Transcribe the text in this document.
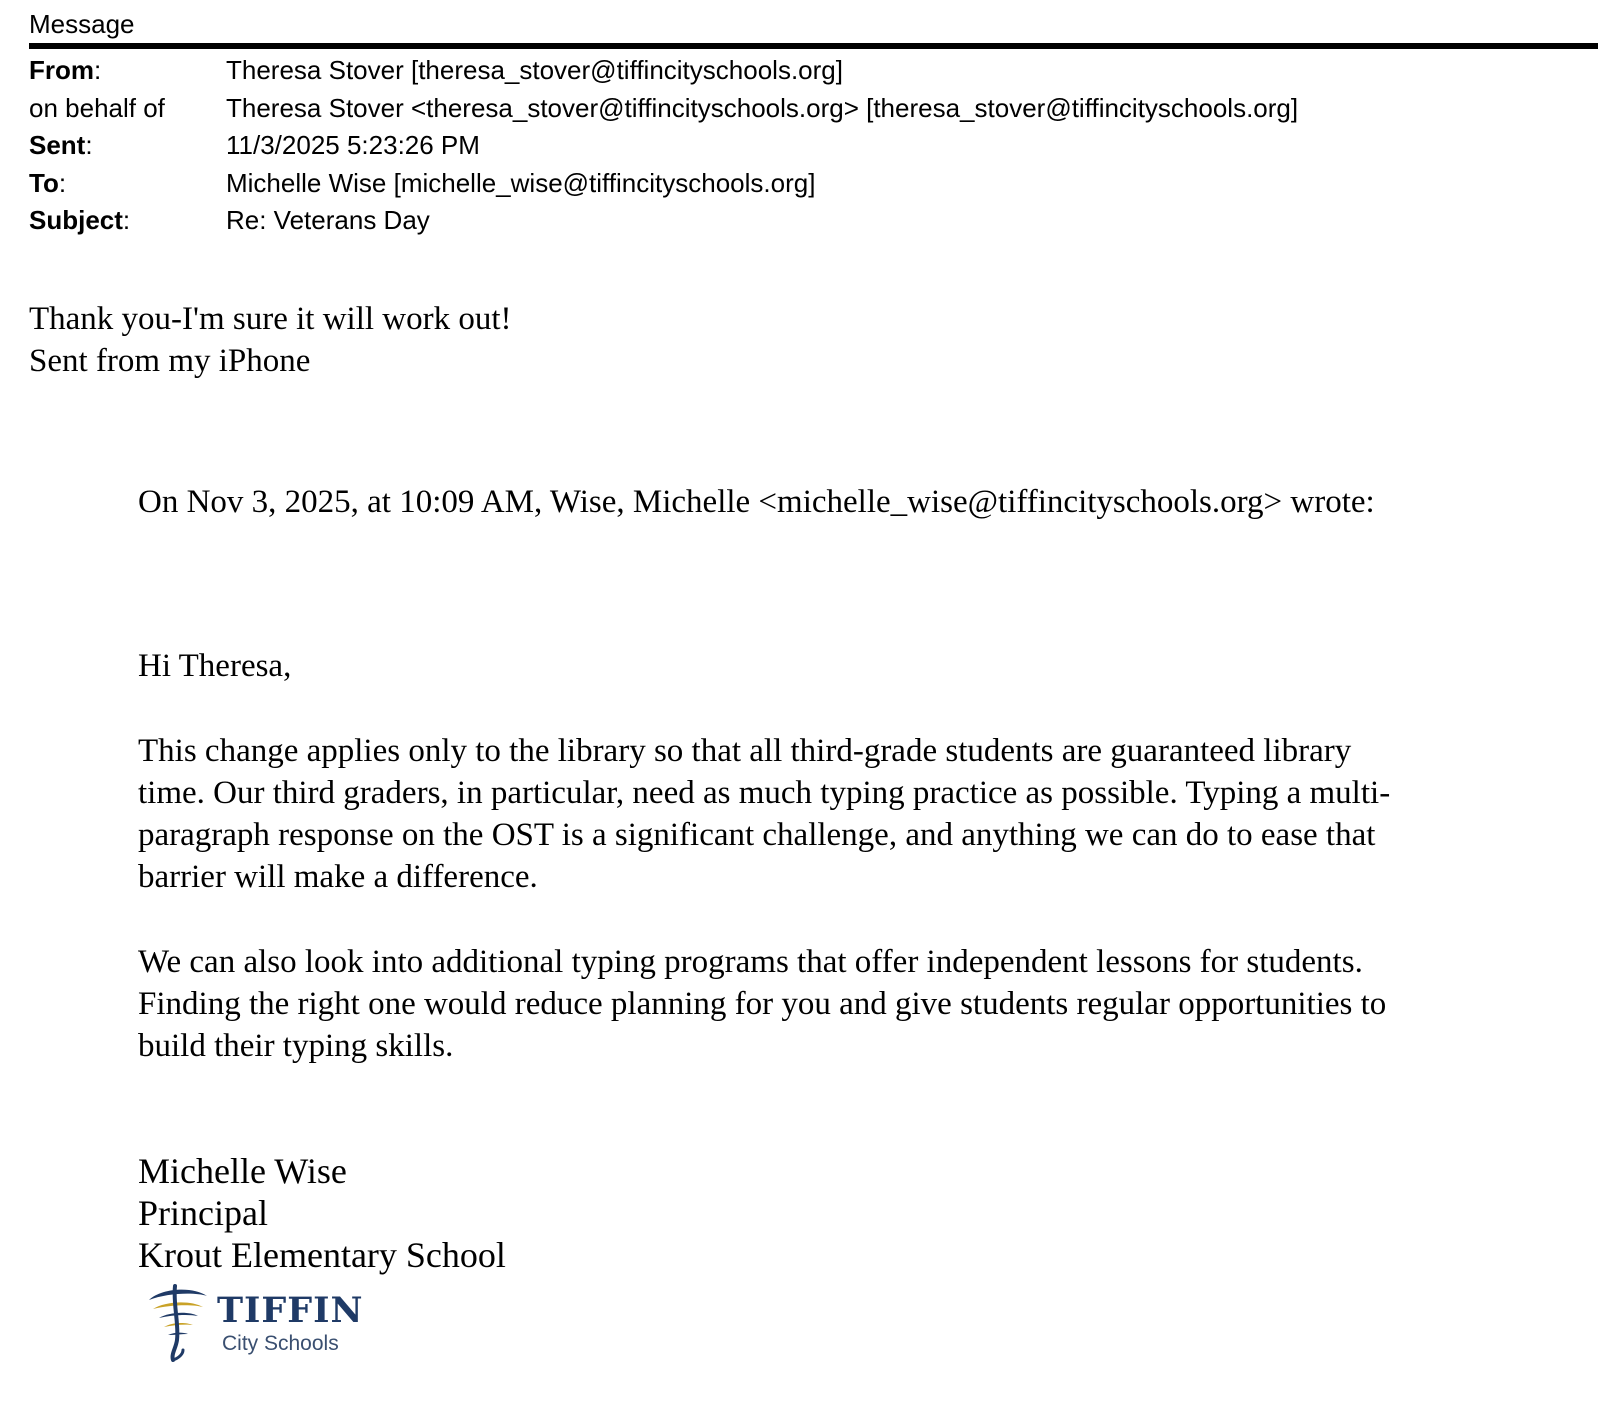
Message
From:	Theresa Stover [theresa_stover@tiffincityschools.org]
on behalf of Theresa Stover <theresa_stover@tiffincityschools.org> [theresa_stover@tiffincityschools.org]
Sent:	11/3/2025 5:23:26 PM
To:	Michelle Wise [michelle_wise@tiffincityschools.org]
Subject:	Re: Veterans Day
Thank you-I'm sure it will work out!
Sent from my iPhone
On Nov 3, 2025, at 10:09 AM, Wise, Michelle <michelle_wise@tiffincityschools.org> wrote:
Hi Theresa,
This change applies only to the library so that all third-grade students are guaranteed library
time. Our third graders, in particular, need as much typing practice as possible. Typing a multi-
paragraph response on the OST is a significant challenge, and anything we can do to ease that
barrier will make a difference.
We can also look into additional typing programs that offer independent lessons for students.
Finding the right one would reduce planning for you and give students regular opportunities to
build their typing skills.
Michelle Wise
Principal
Krout Elementary School
TIFFIN
City Schools
